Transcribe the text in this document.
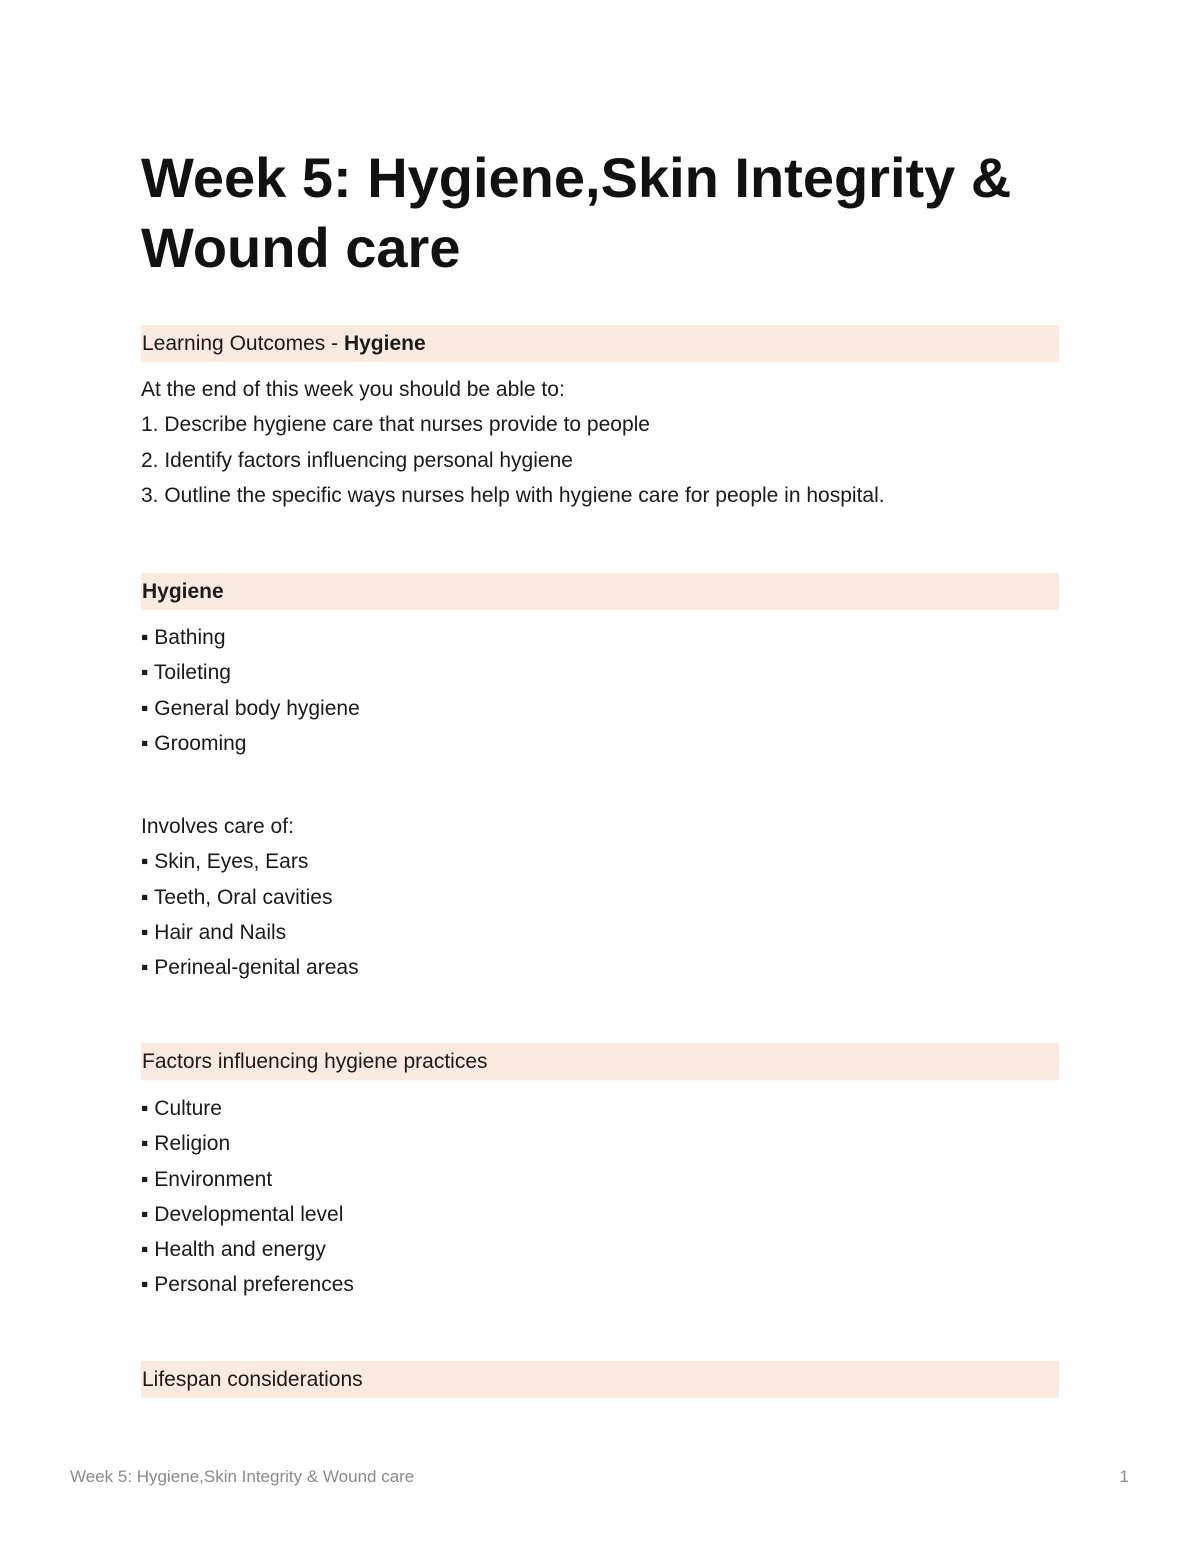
Week 5: Hygiene,Skin Integrity & Wound care
Learning Outcomes - Hygiene
At the end of this week you should be able to:
1. Describe hygiene care that nurses provide to people
2. Identify factors influencing personal hygiene
3. Outline the specific ways nurses help with hygiene care for people in hospital.
Hygiene
▪ Bathing
▪ Toileting
▪ General body hygiene
▪ Grooming
Involves care of:
▪ Skin, Eyes, Ears
▪ Teeth, Oral cavities
▪ Hair and Nails
▪ Perineal-genital areas
Factors influencing hygiene practices
▪ Culture
▪ Religion
▪ Environment
▪ Developmental level
▪ Health and energy
▪ Personal preferences
Lifespan considerations
Week 5: Hygiene,Skin Integrity & Wound care	1
